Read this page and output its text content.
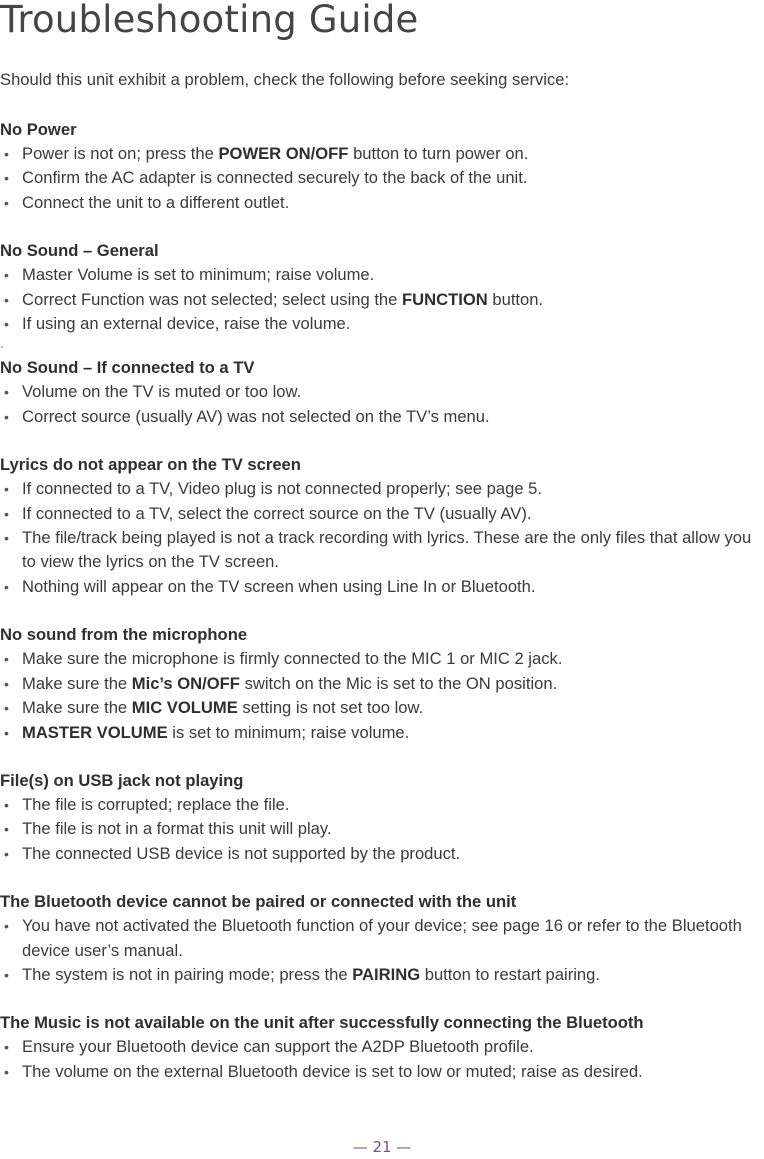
Troubleshooting Guide

Should this unit exhibit a problem, check the following before seeking service:

No Power
• Power is not on; press the POWER ON/OFF button to turn power on.
• Confirm the AC adapter is connected securely to the back of the unit.
• Connect the unit to a different outlet.
No Sound – General
• Master Volume is set to minimum; raise volume.
• Correct Function was not selected; select using the FUNCTION button.
• If using an external device, raise the volume.
.
No Sound – If connected to a TV
• Volume on the TV is muted or too low.
• Correct source (usually AV) was not selected on the TV’s menu.
Lyrics do not appear on the TV screen
• If connected to a TV, Video plug is not connected properly; see page 5.
• If connected to a TV, select the correct source on the TV (usually AV).
• The file/track being played is not a track recording with lyrics. These are the only files that allow you to view the lyrics on the TV screen.
• Nothing will appear on the TV screen when using Line In or Bluetooth.
No sound from the microphone
• Make sure the microphone is firmly connected to the MIC 1 or MIC 2 jack.
• Make sure the Mic’s ON/OFF switch on the Mic is set to the ON position.
• Make sure the MIC VOLUME setting is not set too low.
• MASTER VOLUME is set to minimum; raise volume.
File(s) on USB jack not playing
• The file is corrupted; replace the file.
• The file is not in a format this unit will play.
• The connected USB device is not supported by the product.
The Bluetooth device cannot be paired or connected with the unit
• You have not activated the Bluetooth function of your device; see page 16 or refer to the Bluetooth device user’s manual.
• The system is not in pairing mode; press the PAIRING button to restart pairing.
The Music is not available on the unit after successfully connecting the Bluetooth
• Ensure your Bluetooth device can support the A2DP Bluetooth profile.
• The volume on the external Bluetooth device is set to low or muted; raise as desired.
— 21 —
